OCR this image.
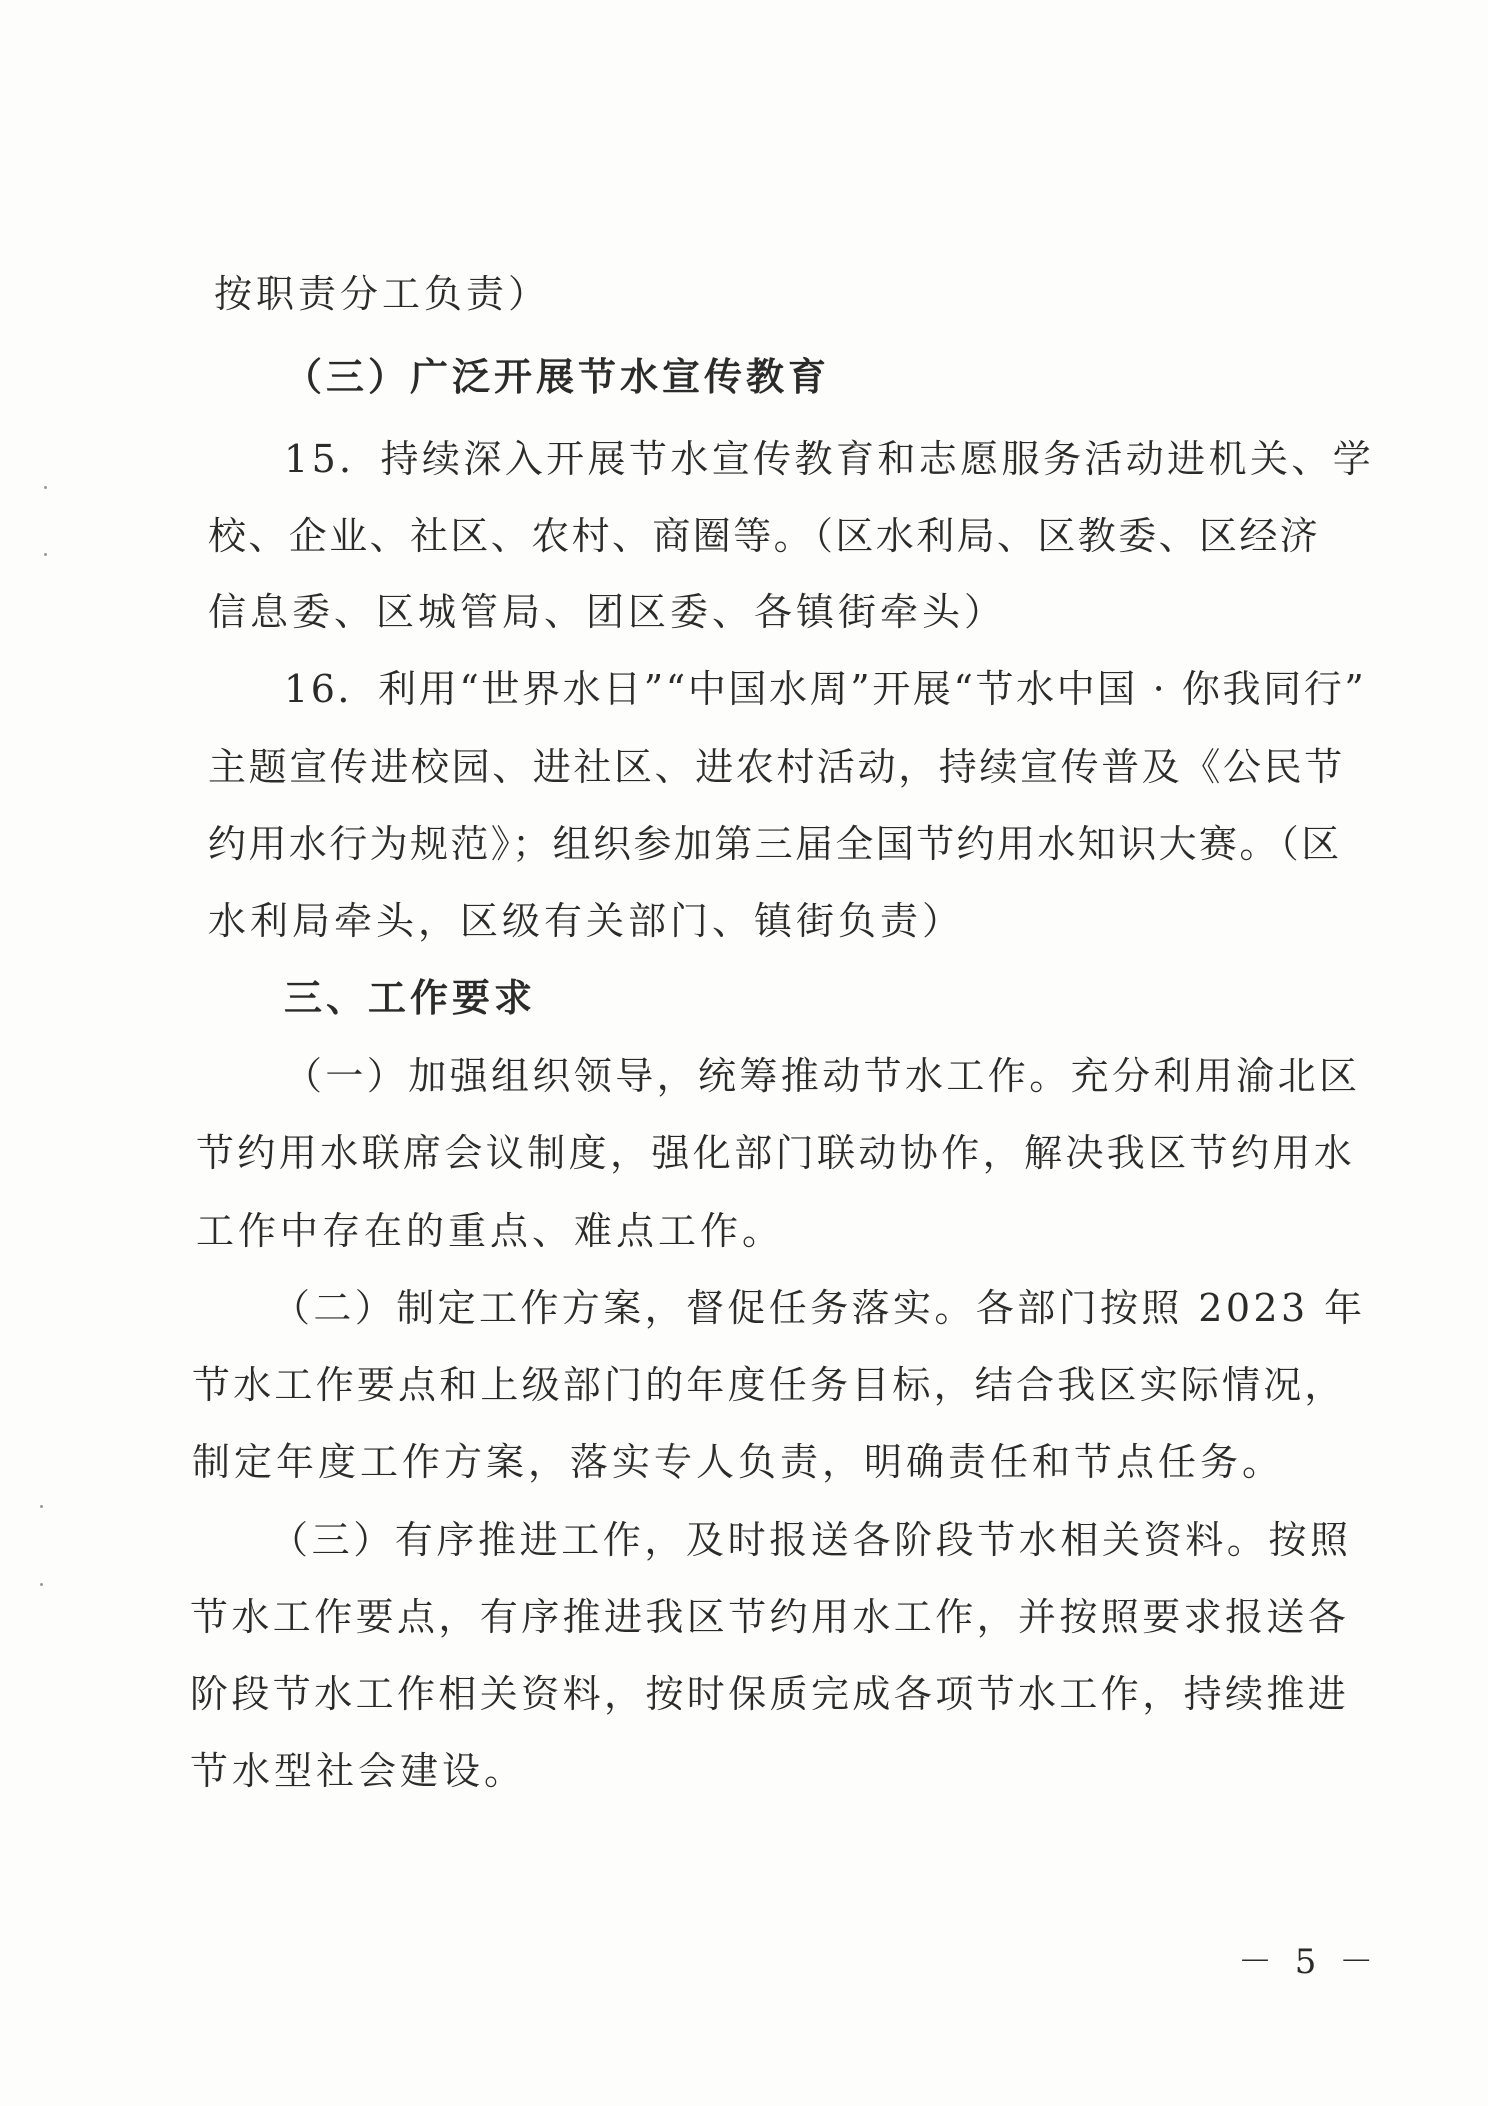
按职责分工负责）
（三）广泛开展节水宣传教育
15．持续深入开展节水宣传教育和志愿服务活动进机关、学
校、企业、社区、农村、商圈等。（区水利局、区教委、区经济
信息委、区城管局、团区委、各镇街牵头）
16．利用“世界水日”“中国水周”开展“节水中国 · 你我同行”
主题宣传进校园、进社区、进农村活动，持续宣传普及《公民节
约用水行为规范》；组织参加第三届全国节约用水知识大赛。（区
水利局牵头，区级有关部门、镇街负责）
三、工作要求
（一）加强组织领导，统筹推动节水工作。充分利用渝北区
节约用水联席会议制度，强化部门联动协作，解决我区节约用水
工作中存在的重点、难点工作。
（二）制定工作方案，督促任务落实。各部门按照 2023 年
节水工作要点和上级部门的年度任务目标，结合我区实际情况，
制定年度工作方案，落实专人负责，明确责任和节点任务。
（三）有序推进工作，及时报送各阶段节水相关资料。按照
节水工作要点，有序推进我区节约用水工作，并按照要求报送各
阶段节水工作相关资料，按时保质完成各项节水工作，持续推进
节水型社会建设。
－ 5 －
